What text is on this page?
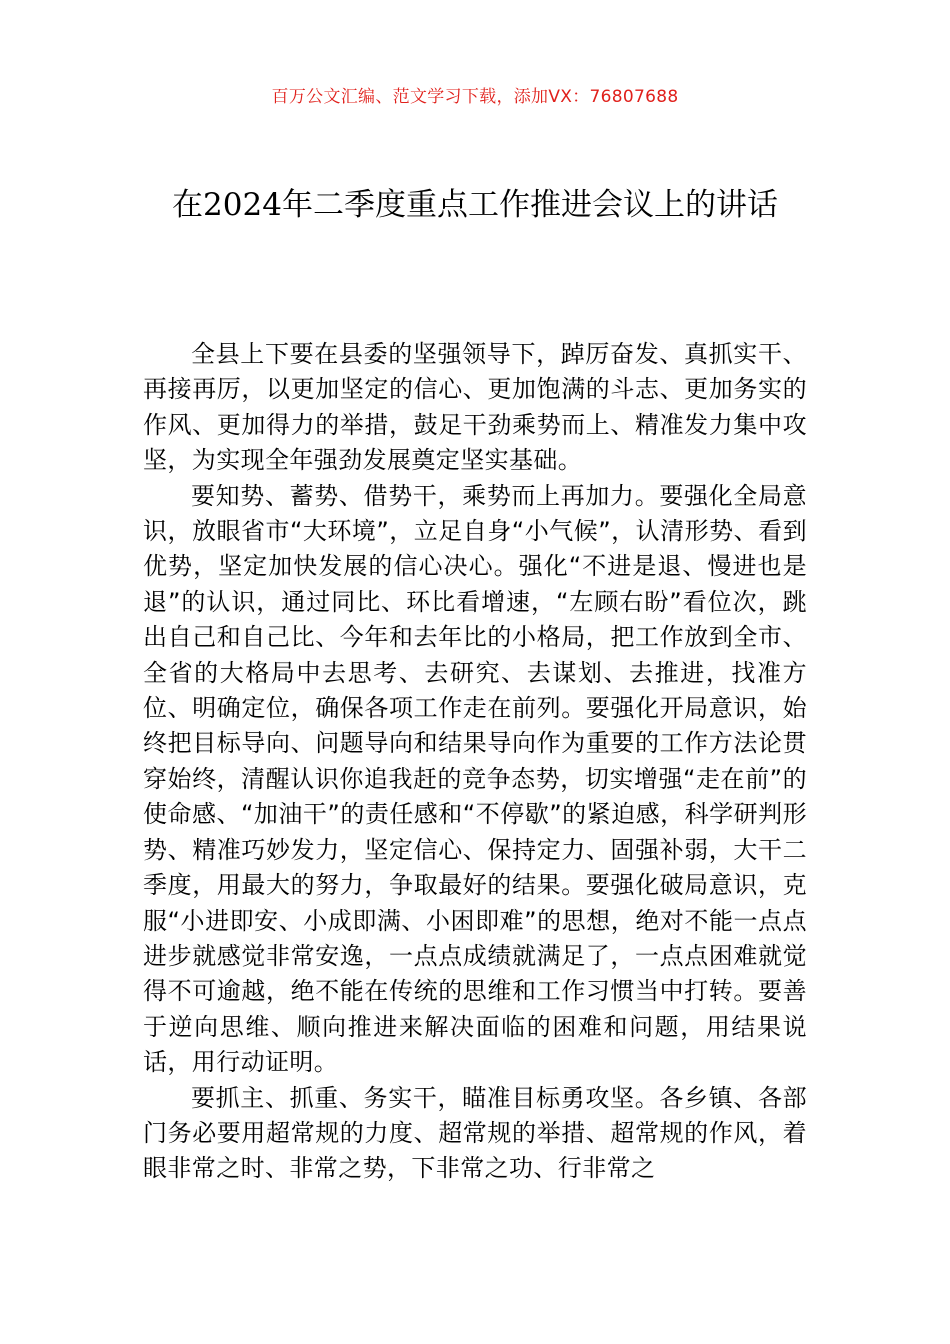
百万公文汇编、范文学习下载，添加VX：76807688
在2024年二季度重点工作推进会议上的讲话

全县上下要在县委的坚强领导下，踔厉奋发、真抓实干、再接再厉，以更加坚定的信心、更加饱满的斗志、更加务实的作风、更加得力的举措，鼓足干劲乘势而上、精准发力集中攻坚，为实现全年强劲发展奠定坚实基础。

要知势、蓄势、借势干，乘势而上再加力。要强化全局意识，放眼省市“大环境”，立足自身“小气候”，认清形势、看到优势，坚定加快发展的信心决心。强化“不进是退、慢进也是退”的认识，通过同比、环比看增速，“左顾右盼”看位次，跳出自己和自己比、今年和去年比的小格局，把工作放到全市、全省的大格局中去思考、去研究、去谋划、去推进，找准方位、明确定位，确保各项工作走在前列。要强化开局意识，始终把目标导向、问题导向和结果导向作为重要的工作方法论贯穿始终，清醒认识你追我赶的竞争态势，切实增强“走在前”的使命感、“加油干”的责任感和“不停歇”的紧迫感，科学研判形势、精准巧妙发力，坚定信心、保持定力、固强补弱，大干二季度，用最大的努力，争取最好的结果。要强化破局意识，克服“小进即安、小成即满、小困即难”的思想，绝对不能一点点进步就感觉非常安逸，一点点成绩就满足了，一点点困难就觉得不可逾越，绝不能在传统的思维和工作习惯当中打转。要善于逆向思维、顺向推进来解决面临的困难和问题，用结果说话，用行动证明。

要抓主、抓重、务实干，瞄准目标勇攻坚。各乡镇、各部门务必要用超常规的力度、超常规的举措、超常规的作风，着眼非常之时、非常之势，下非常之功、行非常之
